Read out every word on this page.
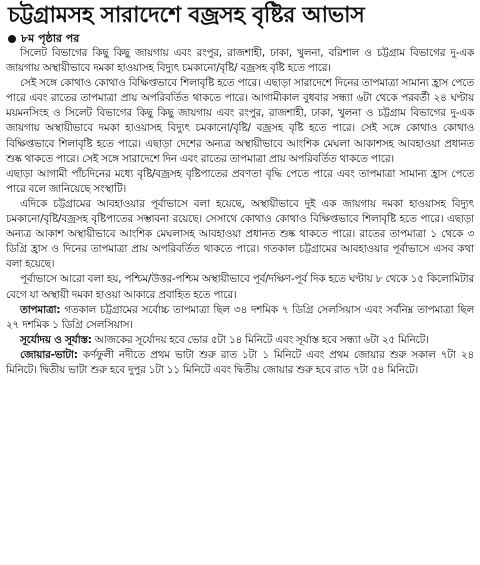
চট্টগ্রামসহ সারাদেশে বজ্রসহ বৃষ্টির আভাস
৮ম পৃষ্ঠার পর

সিলেট বিভাগের কিছু কিছু জায়গায় এবং রংপুর, রাজশাহী, ঢাকা, খুলনা, বরিশাল ও চট্টগ্রাম বিভাগের দু-এক জায়গায় অস্থায়ীভাবে দমকা হাওয়াসহ বিদ্যুৎ চমকানো/বৃষ্টি/ বজ্রসহ বৃষ্টি হতে পারে।

সেই সঙ্গে কোথাও কোথাও বিক্ষিপ্তভাবে শিলাবৃষ্টি হতে পারে। এছাড়া সারাদেশে দিনের তাপমাত্রা সামান্য হ্রাস পেতে পারে এবং রাতের তাপমাত্রা প্রায় অপরিবর্তিত থাকতে পারে। আগামীকাল বুধবার সন্ধ্যা ৬টা থেকে পরবর্তী ২৪ ঘণ্টায় ময়মনসিংহ ও সিলেট বিভাগের কিছু কিছু জায়গায় এবং রংপুর, রাজশাহী, ঢাকা, খুলনা ও চট্টগ্রাম বিভাগের দু-এক জায়গায় অস্থায়ীভাবে দমকা হাওয়াসহ বিদ্যুৎ চমকানো/বৃষ্টি/ বজ্রসহ বৃষ্টি হতে পারে। সেই সঙ্গে কোথাও কোথাও বিক্ষিপ্তভাবে শিলাবৃষ্টি হতে পারে। এছাড়া দেশের অন্যত্র অস্থায়ীভাবে আংশিক মেঘলা আকাশসহ আবহাওয়া প্রধানত শুষ্ক থাকতে পারে। সেই সঙ্গে সারাদেশে দিন এবং রাতের তাপমাত্রা প্রায় অপরিবর্তিত থাকতে পারে।

এছাড়া আগামী পাঁচদিনের মধ্যে বৃষ্টি/বজ্রসহ বৃষ্টিপাতের প্রবণতা বৃদ্ধি পেতে পারে এবং তাপমাত্রা সামান্য হ্রাস পেতে পারে বলে জানিয়েছে সংস্থাটি।

এদিকে চট্টগ্রামের আবহাওয়ার পূর্বাভাসে বলা হয়েছে, অস্থায়ীভাবে দুই এক জায়গায় দমকা হাওয়াসহ বিদ্যুৎ চমকানো/বৃষ্টি/বজ্রসহ বৃষ্টিপাতের সম্ভাবনা রয়েছে। সেসাথে কোথাও কোথাও বিক্ষিপ্তভাবে শিলাবৃষ্টি হতে পারে। এছাড়া অন্যত্র আকাশ অস্থায়ীভাবে আংশিক মেঘলাসহ আবহাওয়া প্রধানত শুষ্ক থাকতে পারে। রাতের তাপমাত্রা ১ থেকে ৩ ডিগ্রি হ্রাস ও দিনের তাপমাত্রা প্রায় অপরিবর্তিত থাকতে পারে। গতকাল চট্টগ্রামের আবহাওয়ার পূর্বাভাসে এসব কথা বলা হয়েছে।

পূর্বাভাসে আরো বলা হয়, পশ্চিম/উত্তর-পশ্চিম অস্থায়ীভাবে পূর্ব/দক্ষিণ-পূর্ব দিক হতে ঘণ্টায় ৮ থেকে ১৫ কিলোমিটার বেগে যা অস্থায়ী দমকা হাওয়া আকারে প্রবাহিত হতে পারে।

তাপমাত্রা: গতকাল চট্টগ্রামের সর্বোচ্চ তাপমাত্রা ছিল ৩৪ দশমিক ৭ ডিগ্রি সেলসিয়াস এবং সর্বনিম্ন তাপমাত্রা ছিল ২৭ দশমিক ১ ডিগ্রি সেলসিয়াস।

সূর্যোদয় ও সূর্যাস্ত: আজকের সূর্যোদয় হবে ভোর ৫টা ১৪ মিনিটে এবং সূর্যাস্ত হবে সন্ধ্যা ৬টা ২৫ মিনিটে।

জোয়ার-ভাটা: কর্ণফুলী নদীতে প্রথম ভাটা শুরু রাত ১টা ১ মিনিটে এবং প্রথম জোয়ার শুরু সকাল ৭টা ২৪ মিনিটে। দ্বিতীয় ভাটা শুরু হবে দুপুর ১টা ১১ মিনিটে এবং দ্বিতীয় জোয়ার শুরু হবে রাত ৭টা ৫৪ মিনিটে।
